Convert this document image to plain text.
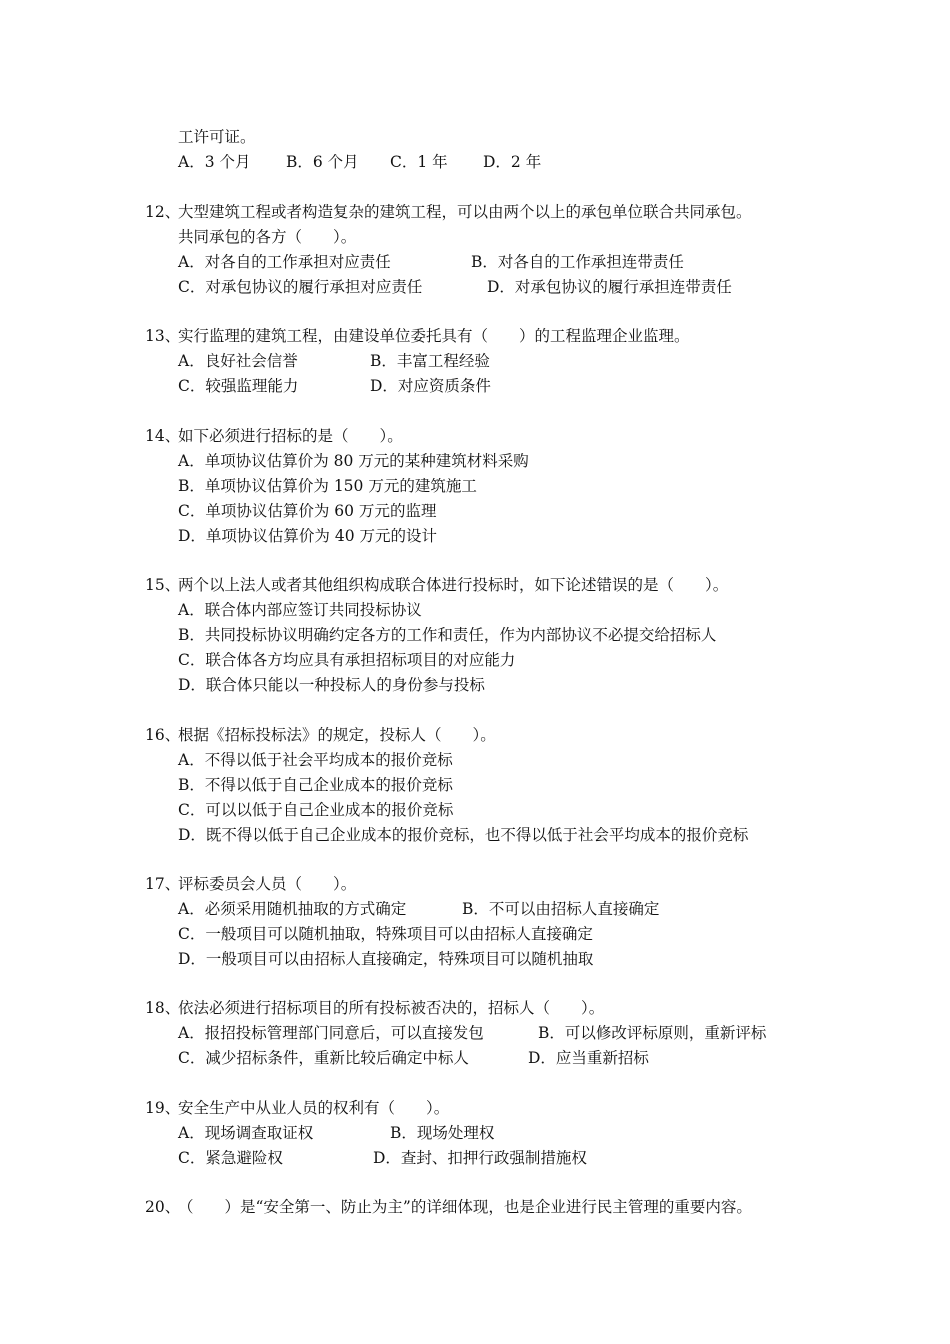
工许可证。
A．3 个月 B．6 个月 C．1 年 D．2 年
12、
大型建筑工程或者构造复杂的建筑工程，可以由两个以上的承包单位联合共同承包。
共同承包的各方（　　）。
A．对各自的工作承担对应责任	B．对各自的工作承担连带责任
C．对承包协议的履行承担对应责任	D．对承包协议的履行承担连带责任
13、
实行监理的建筑工程，由建设单位委托具有（　　）的工程监理企业监理。
A．良好社会信誉	B．丰富工程经验
C．较强监理能力	D．对应资质条件
14、
如下必须进行招标的是（　　）。
A．单项协议估算价为 80 万元的某种建筑材料采购
B．单项协议估算价为 150 万元的建筑施工
C．单项协议估算价为 60 万元的监理
D．单项协议估算价为 40 万元的设计
15、
两个以上法人或者其他组织构成联合体进行投标时，如下论述错误的是（　　）。
A．联合体内部应签订共同投标协议
B．共同投标协议明确约定各方的工作和责任，作为内部协议不必提交给招标人
C．联合体各方均应具有承担招标项目的对应能力
D．联合体只能以一种投标人的身份参与投标
16、
根据《招标投标法》的规定，投标人（　　）。
A．不得以低于社会平均成本的报价竞标
B．不得以低于自己企业成本的报价竞标
C．可以以低于自己企业成本的报价竞标
D．既不得以低于自己企业成本的报价竞标，也不得以低于社会平均成本的报价竞标
17、
评标委员会人员（　　）。
A．必须采用随机抽取的方式确定	B．不可以由招标人直接确定
C．一般项目可以随机抽取，特殊项目可以由招标人直接确定
D．一般项目可以由招标人直接确定，特殊项目可以随机抽取
18、
依法必须进行招标项目的所有投标被否决的，招标人（　　）。
A．报招投标管理部门同意后，可以直接发包	B．可以修改评标原则，重新评标
C．减少招标条件，重新比较后确定中标人	D．应当重新招标
19、
安全生产中从业人员的权利有（　　）。
A．现场调查取证权	B．现场处理权
C．紧急避险权	D．查封、扣押行政强制措施权
20、
（　　）是“安全第一、防止为主”的详细体现，也是企业进行民主管理的重要内容。
